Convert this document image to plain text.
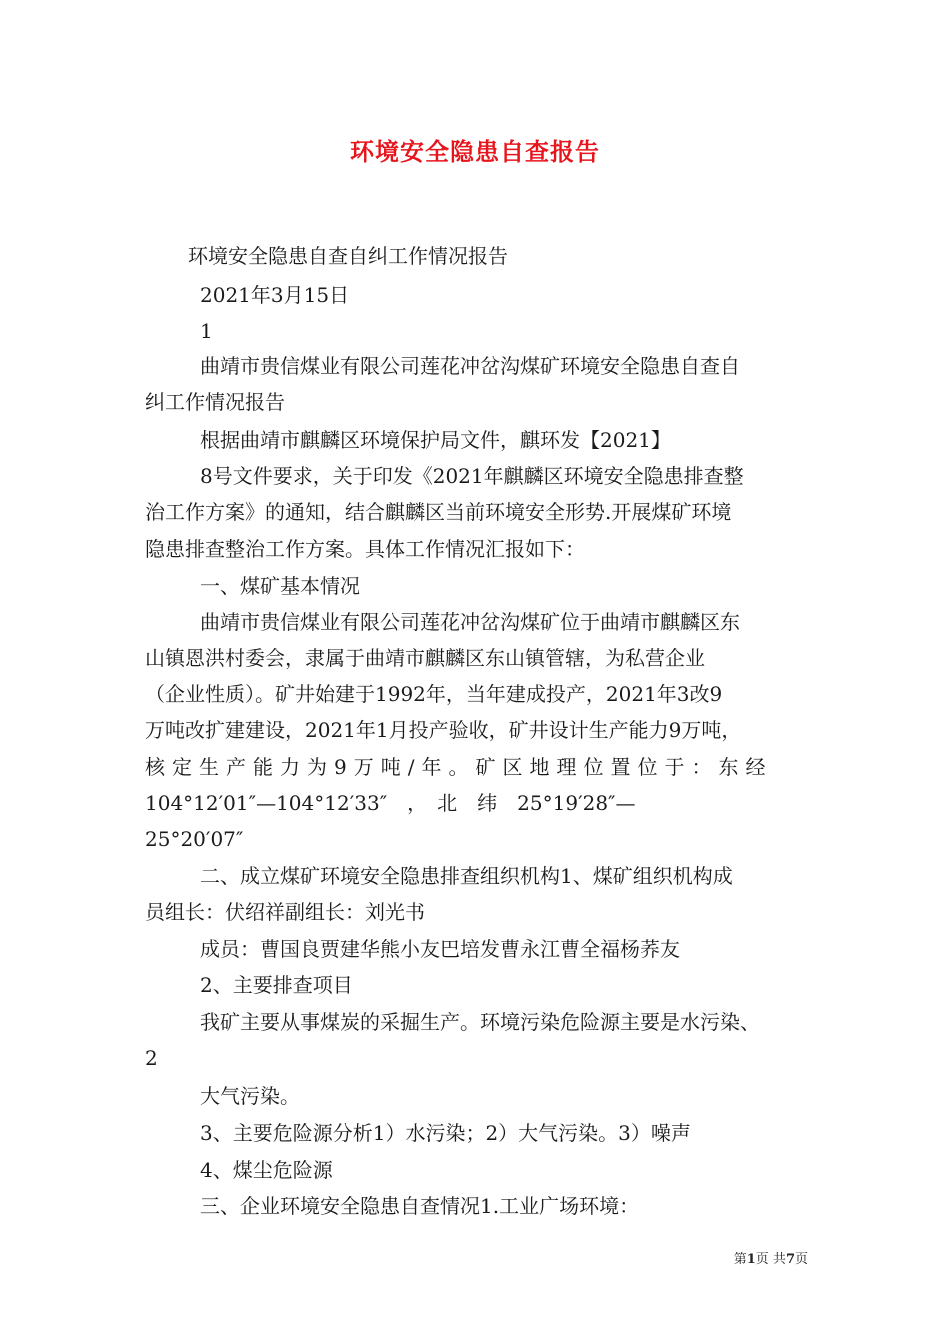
环境安全隐患自查报告
环境安全隐患自查自纠工作情况报告
2021年3月15日
1
曲靖市贵信煤业有限公司莲花冲岔沟煤矿环境安全隐患自查自
纠工作情况报告
根据曲靖市麒麟区环境保护局文件，麒环发【2021】
8号文件要求，关于印发《2021年麒麟区环境安全隐患排查整
治工作方案》的通知，结合麒麟区当前环境安全形势.开展煤矿环境
隐患排查整治工作方案。具体工作情况汇报如下：
一、煤矿基本情况
曲靖市贵信煤业有限公司莲花冲岔沟煤矿位于曲靖市麒麟区东
山镇恩洪村委会，隶属于曲靖市麒麟区东山镇管辖，为私营企业
（企业性质）。矿井始建于1992年，当年建成投产，2021年3改9
万吨改扩建建设，2021年1月投产验收，矿井设计生产能力9万吨，
核定生产能力为9万吨/年。矿区地理位置位于：东经
104°12′01″—104°12′33″　，　北　纬　25°19′28″—
25°20′07″
二、成立煤矿环境安全隐患排查组织机构1、煤矿组织机构成
员组长：伏绍祥副组长：刘光书
成员：曹国良贾建华熊小友巴培发曹永江曹全福杨荞友
2、主要排查项目
我矿主要从事煤炭的采掘生产。环境污染危险源主要是水污染、
2
大气污染。
3、主要危险源分析1）水污染；2）大气污染。3）噪声
4、煤尘危险源
三、企业环境安全隐患自查情况1.工业广场环境：
第1页 共7页
